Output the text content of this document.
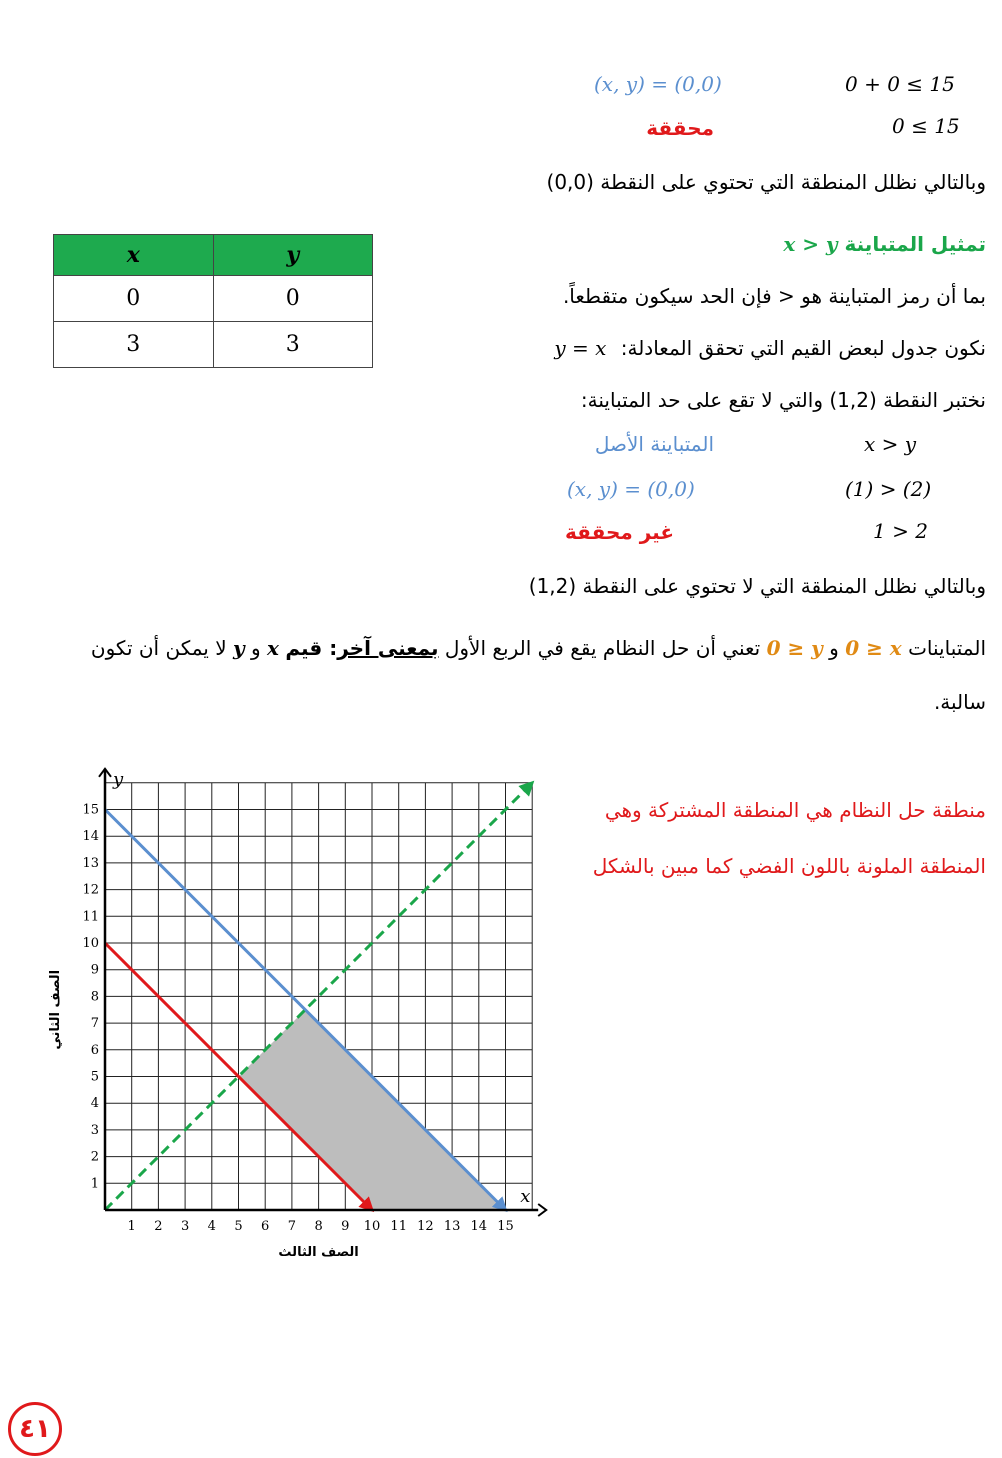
(x, y) = (0,0)	0 + 0 ≤ 15
0 ≤ 15
محققة
وبالتالي نظلل المنطقة التي تحتوي على النقطة (0,0)
تمثيل المتباينة x > y
x	y
0	0
3	3
بما أن رمز المتباينة هو < فإن الحد سيكون متقطعاً.
نكون جدول لبعض القيم التي تحقق المعادلة: y = x
نختبر النقطة (1,2) والتي لا تقع على حد المتباينة:
المتباينة الأصل	x > y
(x, y) = (0,0)	(1) > (2)
1 > 2
غير محققة
وبالتالي نظلل المنطقة التي لا تحتوي على النقطة (1,2)
المتباينات 0 ≥ x و 0 ≥ y تعني أن حل النظام يقع في الربع الأول بمعنى آخر: قيم x و y لا يمكن أن تكون
سالبة.
منطقة حل النظام هي المنطقة المشتركة وهي
المنطقة الملونة باللون الفضي كما مبين بالشكل
1 2 3 4 5 6 7 8 9 10 11 12 13 14 15
1
2
3
4
5
6
7
8
9
10
11
12
13
14
15
x
y
الصف الثالث
الصف الثاني
٤١
